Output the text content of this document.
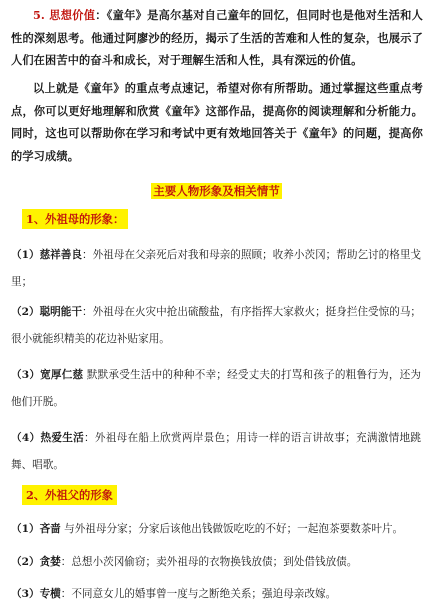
5. 思想价值：《童年》是高尔基对自己童年的回忆，但同时也是他对生活和人性的深刻思考。他通过阿廖沙的经历，揭示了生活的苦难和人性的复杂，也展示了人们在困苦中的奋斗和成长，对于理解生活和人性，具有深远的价值。

以上就是《童年》的重点考点速记，希望对你有所帮助。通过掌握这些重点考点，你可以更好地理解和欣赏《童年》这部作品，提高你的阅读理解和分析能力。同时，这也可以帮助你在学习和考试中更有效地回答关于《童年》的问题，提高你的学习成绩。

主要人物形象及相关情节
1、外祖母的形象：
（1）慈祥善良：外祖母在父亲死后对我和母亲的照顾；收养小茨冈；帮助乞讨的格里戈里；
（2）聪明能干：外祖母在火灾中抢出硫酸盐，有序指挥大家救火；挺身拦住受惊的马；很小就能织精美的花边补贴家用。
（3）宽厚仁慈 默默承受生活中的种种不幸；经受丈夫的打骂和孩子的粗鲁行为，还为他们开脱。
（4）热爱生活：外祖母在船上欣赏两岸景色；用诗一样的语言讲故事；充满激情地跳舞、唱歌。
2、外祖父的形象
（1）吝啬 与外祖母分家；分家后该他出钱做饭吃吃的不好；一起泡茶要数茶叶片。
（2）贪婪：总想小茨冈偷窃；卖外祖母的衣物换钱放债；到处借钱放债。
（3）专横：不同意女儿的婚事曾一度与之断绝关系；强迫母亲改嫁。
